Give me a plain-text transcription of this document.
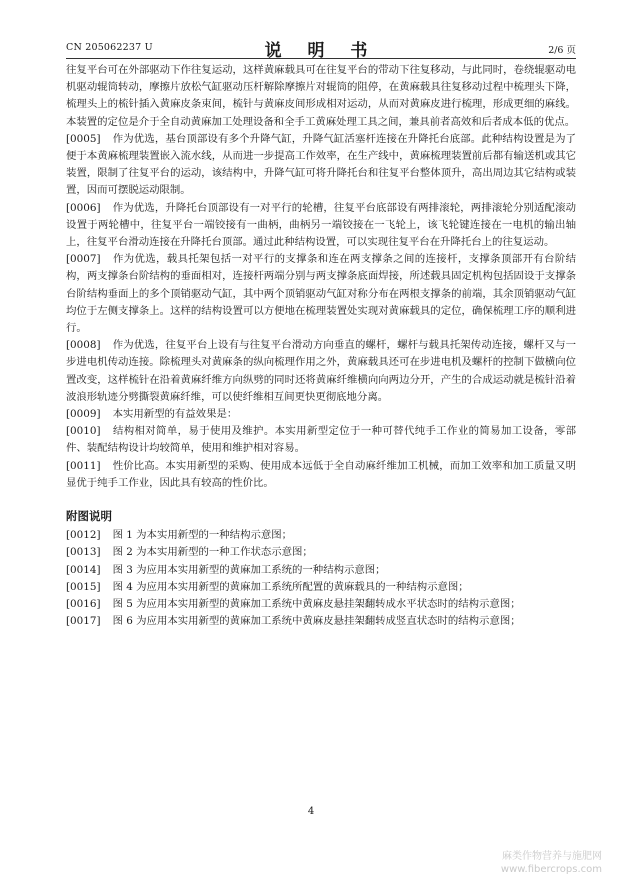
CN 205062237 U	说 明 书	2/6 页

往复平台可在外部驱动下作往复运动，这样黄麻载具可在往复平台的带动下往复移动，与此同时，卷绕辊驱动电机驱动辊筒转动，摩擦片放松气缸驱动压杆解除摩擦片对辊筒的阻停，在黄麻载具往复移动过程中梳理头下降，梳理头上的梳针插入黄麻皮条束间，梳针与黄麻皮间形成相对运动，从而对黄麻皮进行梳理，形成更细的麻线。本装置的定位是介于全自动黄麻加工处理设备和全手工黄麻处理工具之间，兼具前者高效和后者成本低的优点。

[0005] 作为优选，基台顶部设有多个升降气缸，升降气缸活塞杆连接在升降托台底部。此种结构设置是为了便于本黄麻梳理装置嵌入流水线，从而进一步提高工作效率，在生产线中，黄麻梳理装置前后都有输送机或其它装置，限制了往复平台的运动，该结构中，升降气缸可将升降托台和往复平台整体顶升，高出周边其它结构或装置，因而可摆脱运动限制。

[0006] 作为优选，升降托台顶部设有一对平行的轮槽，往复平台底部设有两排滚轮，两排滚轮分别适配滚动设置于两轮槽中，往复平台一端铰接有一曲柄，曲柄另一端铰接在一飞轮上，该飞轮键连接在一电机的输出轴上，往复平台滑动连接在升降托台顶部。通过此种结构设置，可以实现往复平台在升降托台上的往复运动。

[0007] 作为优选，载具托架包括一对平行的支撑条和连在两支撑条之间的连接杆，支撑条顶部开有台阶结构，两支撑条台阶结构的垂面相对，连接杆两端分别与两支撑条底面焊接，所述载具固定机构包括固设于支撑条台阶结构垂面上的多个顶销驱动气缸，其中两个顶销驱动气缸对称分布在两根支撑条的前端，其余顶销驱动气缸均位于左侧支撑条上。这样的结构设置可以方便地在梳理装置处实现对黄麻载具的定位，确保梳理工序的顺利进行。

[0008] 作为优选，往复平台上设有与往复平台滑动方向垂直的螺杆，螺杆与载具托架传动连接，螺杆又与一步进电机传动连接。除梳理头对黄麻条的纵向梳理作用之外，黄麻载具还可在步进电机及螺杆的控制下做横向位置改变，这样梳针在沿着黄麻纤维方向纵劈的同时还将黄麻纤维横向向两边分开，产生的合成运动就是梳针沿着波浪形轨迹分劈撕裂黄麻纤维，可以使纤维相互间更快更彻底地分离。

[0009] 本实用新型的有益效果是：

[0010] 结构相对简单，易于使用及维护。本实用新型定位于一种可替代纯手工作业的简易加工设备，零部件、装配结构设计均较简单，使用和维护相对容易。

[0011] 性价比高。本实用新型的采购、使用成本远低于全自动麻纤维加工机械，而加工效率和加工质量又明显优于纯手工作业，因此具有较高的性价比。

附图说明

[0012] 图 1 为本实用新型的一种结构示意图；

[0013] 图 2 为本实用新型的一种工作状态示意图；

[0014] 图 3 为应用本实用新型的黄麻加工系统的一种结构示意图；

[0015] 图 4 为应用本实用新型的黄麻加工系统所配置的黄麻载具的一种结构示意图；

[0016] 图 5 为应用本实用新型的黄麻加工系统中黄麻皮悬挂架翻转成水平状态时的结构示意图；

[0017] 图 6 为应用本实用新型的黄麻加工系统中黄麻皮悬挂架翻转成竖直状态时的结构示意图；

4
麻类作物营养与施肥网
www.fibercrops.com
